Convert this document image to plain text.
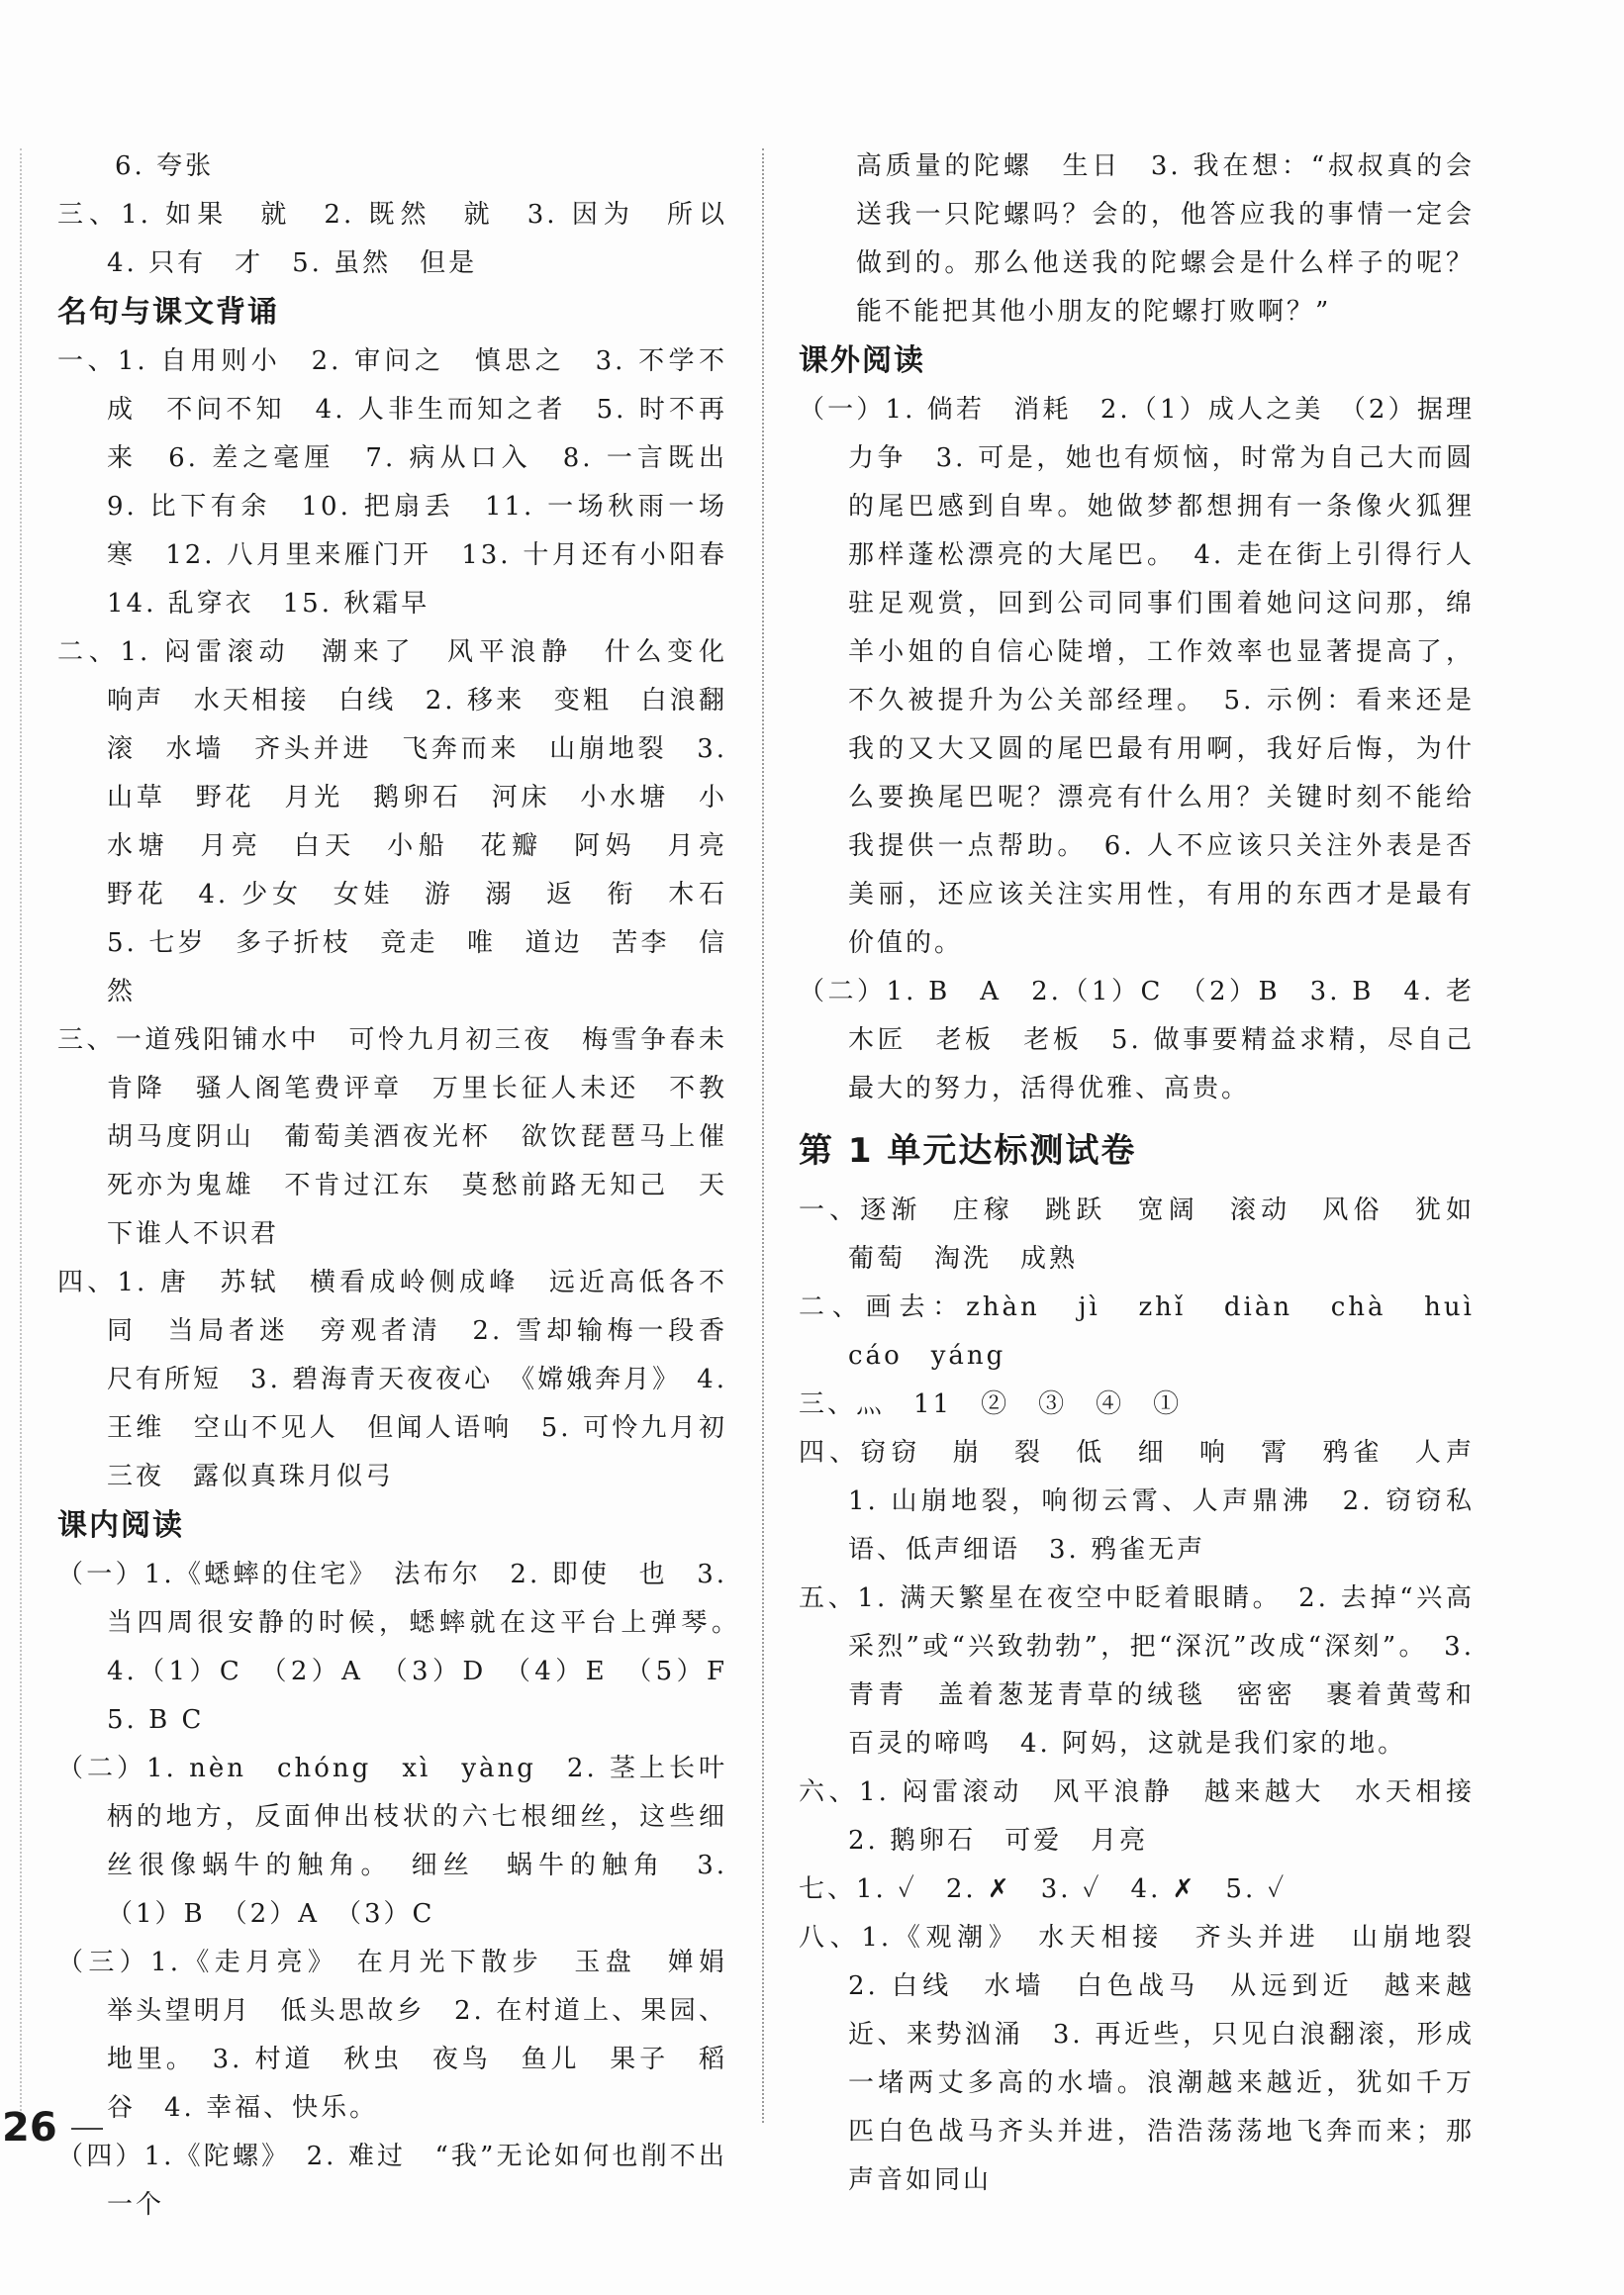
6. 夸张

三、1. 如果　就　2. 既然　就　3. 因为　所以　4. 只有　才　5. 虽然　但是

名句与课文背诵

一、1. 自用则小　2. 审问之　慎思之　3. 不学不成　不问不知　4. 人非生而知之者　5. 时不再来　6. 差之毫厘　7. 病从口入　8. 一言既出　9. 比下有余　10. 把扇丢　11. 一场秋雨一场寒　12. 八月里来雁门开　13. 十月还有小阳春　14. 乱穿衣　15. 秋霜早

二、1. 闷雷滚动　潮来了　风平浪静　什么变化　响声　水天相接　白线　2. 移来　变粗　白浪翻滚　水墙　齐头并进　飞奔而来　山崩地裂　3. 山草　野花　月光　鹅卵石　河床　小水塘　小水塘　月亮　白天　小船　花瓣　阿妈　月亮　野花　4. 少女　女娃　游　溺　返　衔　木石　5. 七岁　多子折枝　竞走　唯　道边　苦李　信然

三、一道残阳铺水中　可怜九月初三夜　梅雪争春未肯降　骚人阁笔费评章　万里长征人未还　不教胡马度阴山　葡萄美酒夜光杯　欲饮琵琶马上催　死亦为鬼雄　不肯过江东　莫愁前路无知己　天下谁人不识君

四、1. 唐　苏轼　横看成岭侧成峰　远近高低各不同　当局者迷　旁观者清　2. 雪却输梅一段香　尺有所短　3. 碧海青天夜夜心　《嫦娥奔月》　4. 王维　空山不见人　但闻人语响　5. 可怜九月初三夜　露似真珠月似弓

课内阅读

（一）1.《蟋蟀的住宅》　法布尔　2. 即使　也　3. 当四周很安静的时候，蟋蟀就在这平台上弹琴。　4.（1）C　（2）A　（3）D　（4）E　（5）F　5. B C

（二）1. nèn　chóng　xì　yàng　2. 茎上长叶柄的地方，反面伸出枝状的六七根细丝，这些细丝很像蜗牛的触角。　细丝　蜗牛的触角　3.（1）B　（2）A　（3）C

（三）1.《走月亮》　在月光下散步　玉盘　婵娟　举头望明月　低头思故乡　2. 在村道上、果园、地里。　3. 村道　秋虫　夜鸟　鱼儿　果子　稻谷　4. 幸福、快乐。

（四）1.《陀螺》　2. 难过　“我”无论如何也削不出一个

高质量的陀螺　生日　3. 我在想：“叔叔真的会送我一只陀螺吗？会的，他答应我的事情一定会做到的。那么他送我的陀螺会是什么样子的呢？能不能把其他小朋友的陀螺打败啊？”

课外阅读

（一）1. 倘若　消耗　2.（1）成人之美　（2）据理力争　3. 可是，她也有烦恼，时常为自己大而圆的尾巴感到自卑。她做梦都想拥有一条像火狐狸那样蓬松漂亮的大尾巴。　4. 走在街上引得行人驻足观赏，回到公司同事们围着她问这问那，绵羊小姐的自信心陡增，工作效率也显著提高了，不久被提升为公关部经理。　5. 示例：看来还是我的又大又圆的尾巴最有用啊，我好后悔，为什么要换尾巴呢？漂亮有什么用？关键时刻不能给我提供一点帮助。　6. 人不应该只关注外表是否美丽，还应该关注实用性，有用的东西才是最有价值的。

（二）1. B　A　2.（1）C　（2）B　3. B　4. 老木匠　老板　老板　5. 做事要精益求精，尽自己最大的努力，活得优雅、高贵。

第 1 单元达标测试卷

一、逐渐　庄稼　跳跃　宽阔　滚动　风俗　犹如　葡萄　淘洗　成熟

二、画去：zhàn　jì　zhǐ　diàn　chà　huì　cáo　yáng

三、灬　11　②　③　④　①

四、窃窃　崩　裂　低　细　响　霄　鸦雀　人声　1. 山崩地裂，响彻云霄、人声鼎沸　2. 窃窃私语、低声细语　3. 鸦雀无声

五、1. 满天繁星在夜空中眨着眼睛。　2. 去掉“兴高采烈”或“兴致勃勃”，把“深沉”改成“深刻”。　3. 青青　盖着葱茏青草的绒毯　密密　裹着黄莺和百灵的啼鸣　4. 阿妈，这就是我们家的地。

六、1. 闷雷滚动　风平浪静　越来越大　水天相接　2. 鹅卵石　可爱　月亮

七、1. ✓　2. ✗　3. ✓　4. ✗　5. ✓

八、1.《观潮》　水天相接　齐头并进　山崩地裂　2. 白线　水墙　白色战马　从远到近　越来越近、来势汹涌　3. 再近些，只见白浪翻滚，形成一堵两丈多高的水墙。浪潮越来越近，犹如千万匹白色战马齐头并进，浩浩荡荡地飞奔而来；那声音如同山

26
